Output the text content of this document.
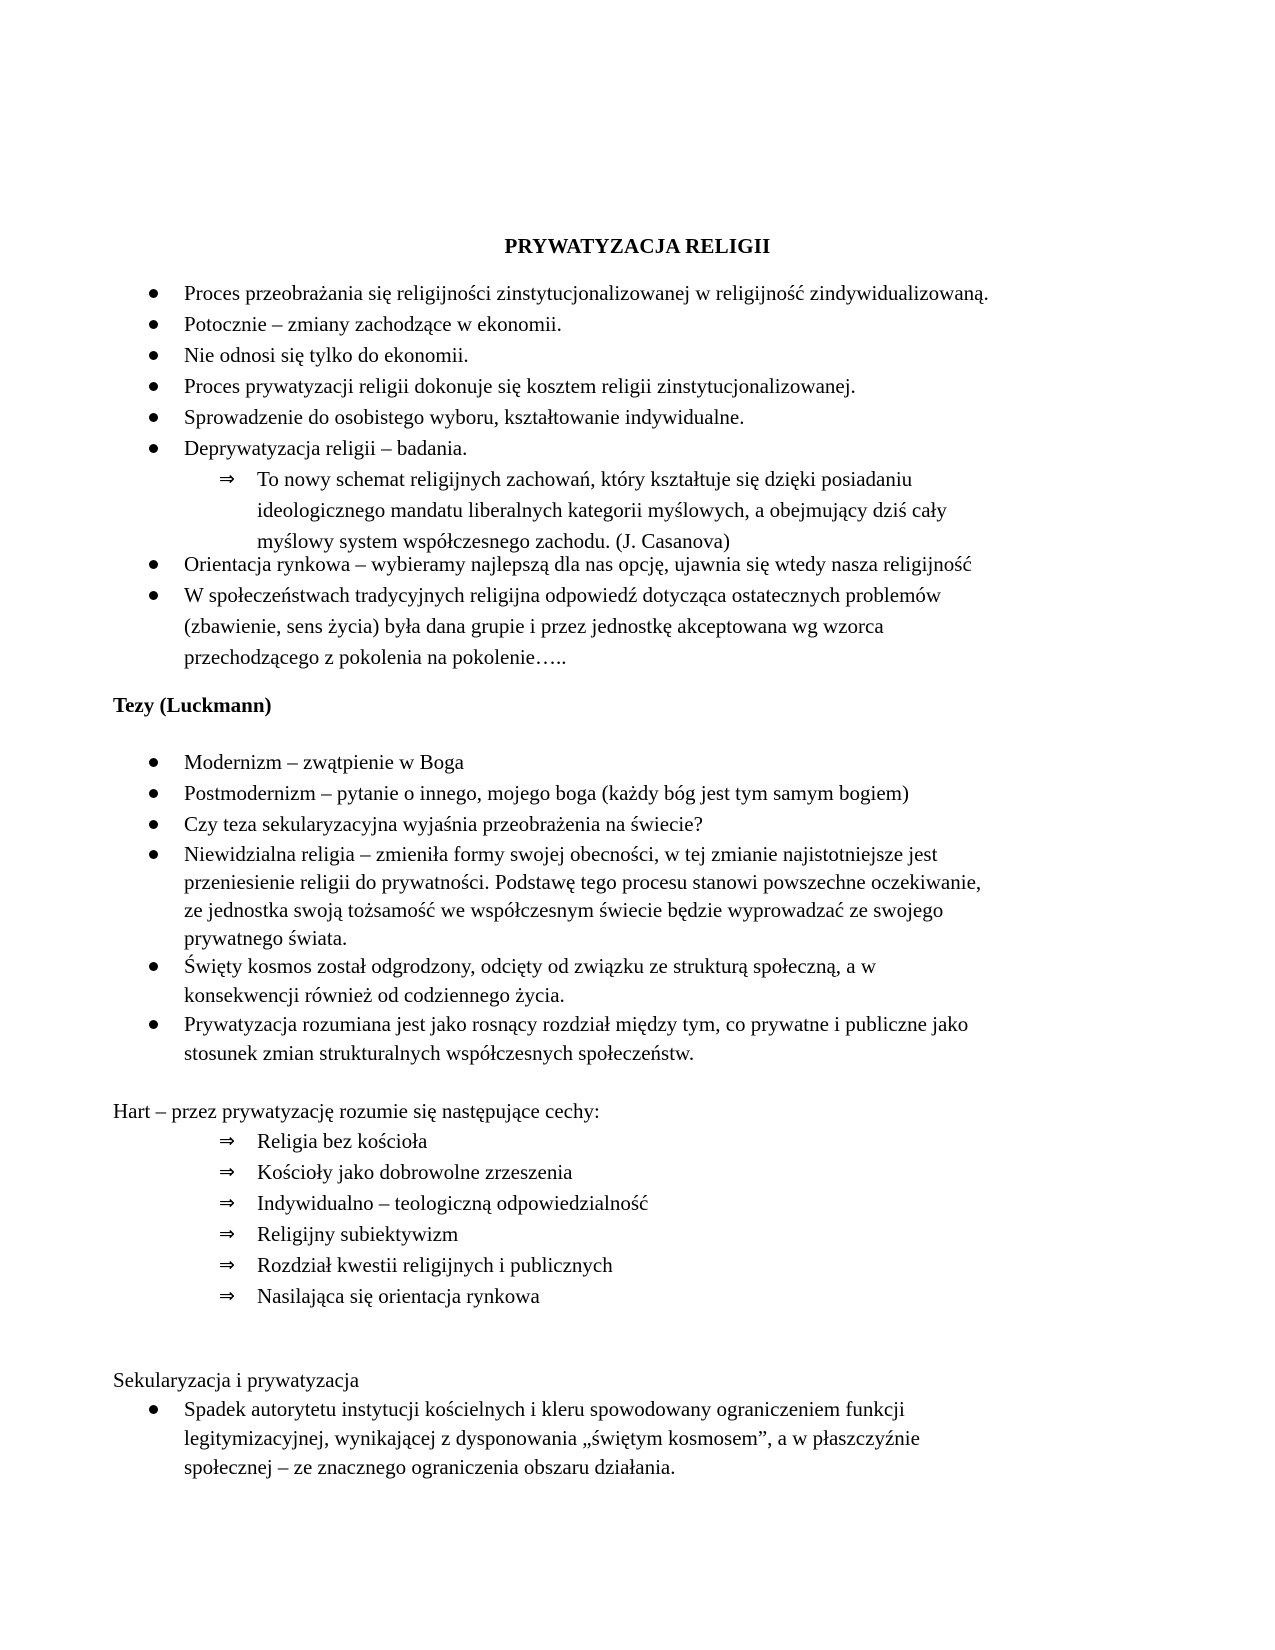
PRYWATYZACJA RELIGII
Proces przeobrażania się religijności zinstytucjonalizowanej w religijność zindywidualizowaną.
Potocznie – zmiany zachodzące w ekonomii.
Nie odnosi się tylko do ekonomii.
Proces prywatyzacji religii dokonuje się kosztem religii zinstytucjonalizowanej.
Sprowadzenie do osobistego wyboru, kształtowanie indywidualne.
Deprywatyzacja religii – badania.
⇒ To nowy schemat religijnych zachowań, który kształtuje się dzięki posiadaniu
ideologicznego mandatu liberalnych kategorii myślowych, a obejmujący dziś cały
myślowy system współczesnego zachodu. (J. Casanova)
Orientacja rynkowa – wybieramy najlepszą dla nas opcję, ujawnia się wtedy nasza religijność
W społeczeństwach tradycyjnych religijna odpowiedź dotycząca ostatecznych problemów
(zbawienie, sens życia) była dana grupie i przez jednostkę akceptowana wg wzorca
przechodzącego z pokolenia na pokolenie…..
Tezy (Luckmann)
Modernizm – zwątpienie w Boga
Postmodernizm – pytanie o innego, mojego boga (każdy bóg jest tym samym bogiem)
Czy teza sekularyzacyjna wyjaśnia przeobrażenia na świecie?
Niewidzialna religia – zmieniła formy swojej obecności, w tej zmianie najistotniejsze jest
przeniesienie religii do prywatności. Podstawę tego procesu stanowi powszechne oczekiwanie,
ze jednostka swoją tożsamość we współczesnym świecie będzie wyprowadzać ze swojego
prywatnego świata.
Święty kosmos został odgrodzony, odcięty od związku ze strukturą społeczną, a w
konsekwencji również od codziennego życia.
Prywatyzacja rozumiana jest jako rosnący rozdział między tym, co prywatne i publiczne jako
stosunek zmian strukturalnych współczesnych społeczeństw.
Hart – przez prywatyzację rozumie się następujące cechy:
⇒ Religia bez kościoła
⇒ Kościoły jako dobrowolne zrzeszenia
⇒ Indywidualno – teologiczną odpowiedzialność
⇒ Religijny subiektywizm
⇒ Rozdział kwestii religijnych i publicznych
⇒ Nasilająca się orientacja rynkowa
Sekularyzacja i prywatyzacja
Spadek autorytetu instytucji kościelnych i kleru spowodowany ograniczeniem funkcji
legitymizacyjnej, wynikającej z dysponowania „świętym kosmosem”, a w płaszczyźnie
społecznej – ze znacznego ograniczenia obszaru działania.
